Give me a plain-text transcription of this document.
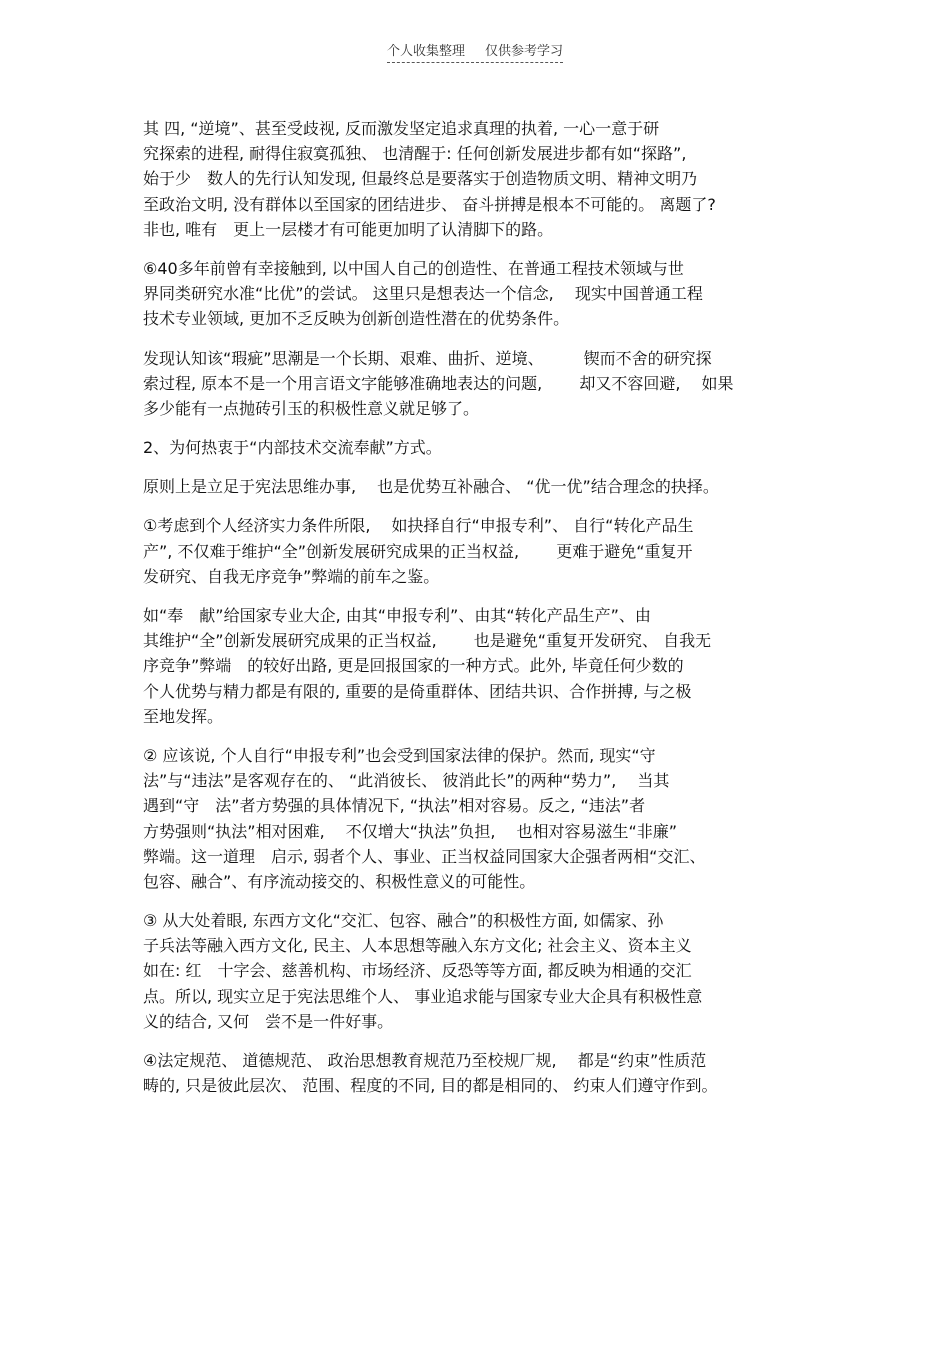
个人收集整理 仅供参考学习
其 四, “逆境”、甚至受歧视, 反而激发坚定追求真理的执着, 一心一意于研
究探索的进程, 耐得住寂寞孤独、 也清醒于: 任何创新发展进步都有如“探路”,
始于少　数人的先行认知发现, 但最终总是要落实于创造物质文明、精神文明乃
至政治文明, 没有群体以至国家的团结进步、 奋斗拼搏是根本不可能的。 离题了?
非也, 唯有　更上一层楼才有可能更加明了认清脚下的路。
⑥40多年前曾有幸接触到, 以中国人自己的创造性、在普通工程技术领域与世
界同类研究水准“比优”的尝试。 这里只是想表达一个信念, 　现实中国普通工程
技术专业领域, 更加不乏反映为创新创造性潜在的优势条件。
发现认知该“瑕疵”思潮是一个长期、艰难、曲折、逆境、　　　锲而不舍的研究探
索过程, 原本不是一个用言语文字能够准确地表达的问题, 　　却又不容回避, 　如果
多少能有一点抛砖引玉的积极性意义就足够了。
2、为何热衷于“内部技术交流奉献”方式。
原则上是立足于宪法思维办事, 　也是优势互补融合、 “优一优”结合理念的抉择。
①考虑到个人经济实力条件所限, 　如抉择自行“申报专利”、 自行“转化产品生
产”, 不仅难于维护“全”创新发展研究成果的正当权益, 　　更难于避免“重复开
发研究、自我无序竞争”弊端的前车之鉴。
如“奉　献”给国家专业大企, 由其“申报专利”、由其“转化产品生产”、由
其维护“全”创新发展研究成果的正当权益, 　　也是避免“重复开发研究、 自我无
序竞争”弊端　的较好出路, 更是回报国家的一种方式。此外, 毕竟任何少数的
个人优势与精力都是有限的, 重要的是倚重群体、团结共识、合作拼搏, 与之极
至地发挥。
② 应该说, 个人自行“申报专利”也会受到国家法律的保护。然而, 现实“守
法”与“违法”是客观存在的、 “此消彼长、 彼消此长”的两种“势力”, 　当其
遇到“守　法”者方势强的具体情况下, “执法”相对容易。反之, “违法”者
方势强则“执法”相对困难, 　不仅增大“执法”负担, 　也相对容易滋生“非廉”
弊端。这一道理　启示, 弱者个人、事业、正当权益同国家大企强者两相“交汇、
包容、融合”、有序流动接交的、积极性意义的可能性。
③ 从大处着眼, 东西方文化“交汇、包容、融合”的积极性方面, 如儒家、孙
子兵法等融入西方文化, 民主、人本思想等融入东方文化; 社会主义、资本主义
如在: 红　十字会、慈善机构、市场经济、反恐等等方面, 都反映为相通的交汇
点。所以, 现实立足于宪法思维个人、 事业追求能与国家专业大企具有积极性意
义的结合, 又何　尝不是一件好事。
④法定规范、 道德规范、 政治思想教育规范乃至校规厂规, 　都是“约束”性质范
畴的, 只是彼此层次、 范围、程度的不同, 目的都是相同的、 约束人们遵守作到。
